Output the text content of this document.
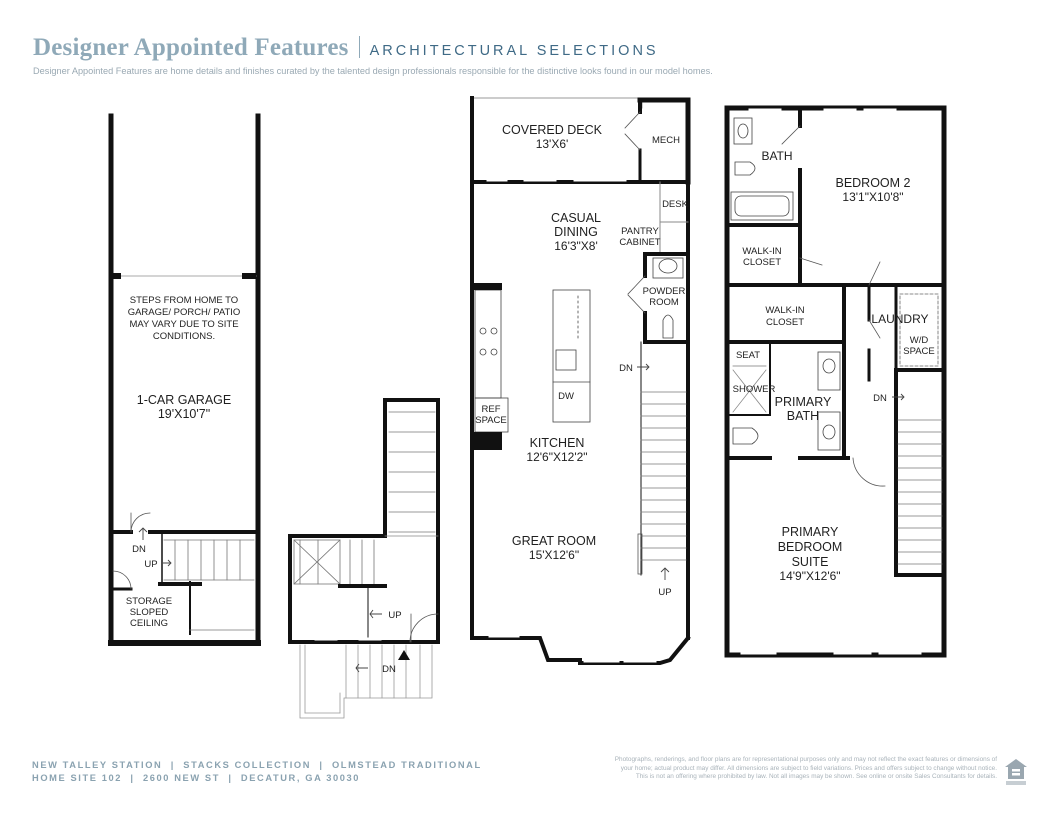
Designer Appointed Features ARCHITECTURAL SELECTIONS
Designer Appointed Features are home details and finishes curated by the talented design professionals responsible for the distinctive looks found in our model homes.
STEPS FROM HOME TO
GARAGE/ PORCH/ PATIO
MAY VARY DUE TO SITE
CONDITIONS.
1-CAR GARAGE
19'X10'7"
DN
UP
STORAGE
SLOPED
CEILING
UP
DN
COVERED DECK
13'X6'	MECH
DESK
CASUAL
DINING
16'3"X8'
PANTRY
CABINET
POWDER
ROOM
DN
REF
SPACE
DW
KITCHEN
12'6"X12'2"
GREAT ROOM
15'X12'6"
UP
BATH
BEDROOM 2
13'1"X10'8"
WALK-IN
CLOSET
WALK-IN
CLOSET	LAUNDRY
W/D
SPACE
SEAT
SHOWER
PRIMARY
BATH
DN
PRIMARY
BEDROOM
SUITE
14'9"X12'6"
NEW TALLEY STATION  |  STACKS COLLECTION  |  OLMSTEAD TRADITIONAL
HOME SITE 102  |  2600 NEW ST  |  DECATUR, GA 30030
Photographs, renderings, and floor plans are for representational purposes only and may not reflect the exact features or dimensions of
your home; actual product may differ. All dimensions are subject to field variations. Prices and offers subject to change without notice.
This is not an offering where prohibited by law. Not all images may be shown. See online or onsite Sales Consultants for details.
